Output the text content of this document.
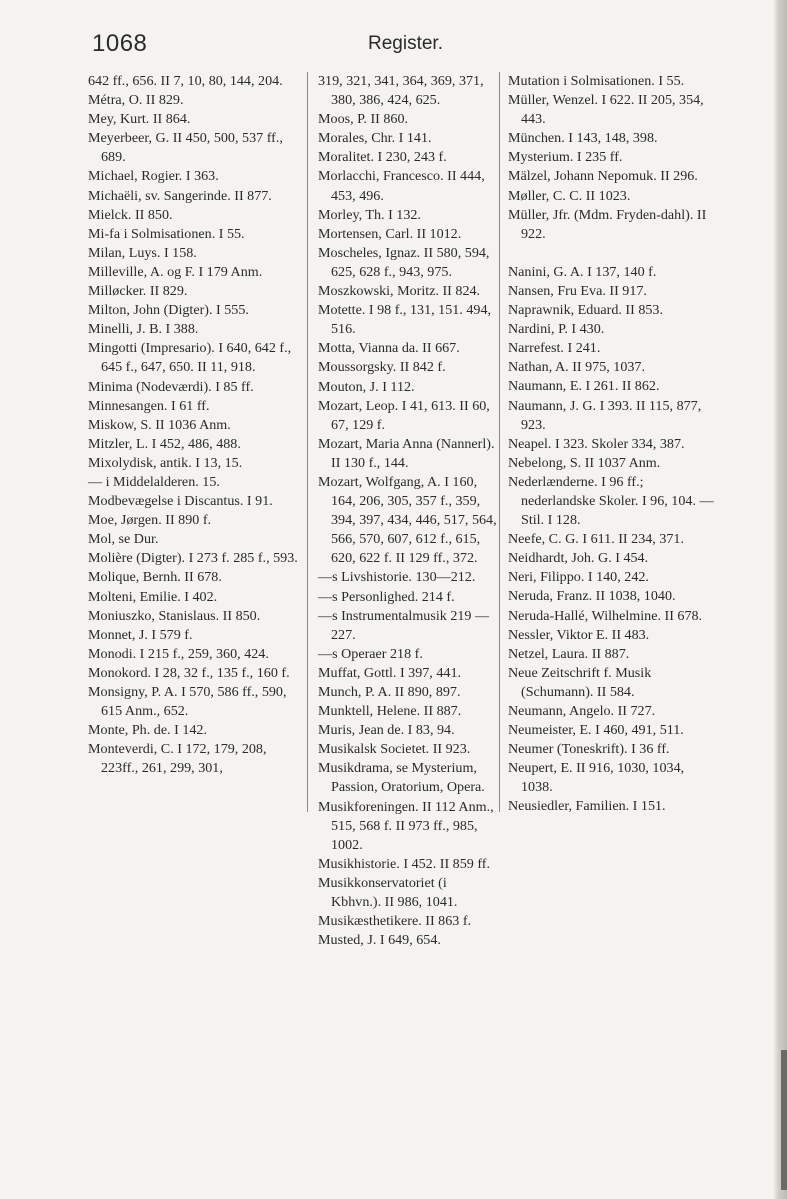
1068	Register.

642 ff., 656. II 7, 10, 80, 144, 204.

Métra, O. II 829.

Mey, Kurt. II 864.

Meyerbeer, G. II 450, 500, 537 ff., 689.

Michael, Rogier. I 363.

Michaëli, sv. Sangerinde. II 877.

Mielck. II 850.

Mi-fa i Solmisationen. I 55.

Milan, Luys. I 158.

Milleville, A. og F. I 179 Anm.

Milløcker. II 829.

Milton, John (Digter). I 555.

Minelli, J. B. I 388.

Mingotti (Impresario). I 640, 642 f., 645 f., 647, 650. II 11, 918.

Minima (Nodeværdi). I 85 ff.

Minnesangen. I 61 ff.

Miskow, S. II 1036 Anm.

Mitzler, L. I 452, 486, 488.

Mixolydisk, antik. I 13, 15.

— i Middelalderen. 15.

Modbevægelse i Discantus. I 91.

Moe, Jørgen. II 890 f.

Mol, se Dur.

Molière (Digter). I 273 f. 285 f., 593.

Molique, Bernh. II 678.

Molteni, Emilie. I 402.

Moniuszko, Stanislaus. II 850.

Monnet, J. I 579 f.

Monodi. I 215 f., 259, 360, 424.

Monokord. I 28, 32 f., 135 f., 160 f.

Monsigny, P. A. I 570, 586 ff., 590, 615 Anm., 652.

Monte, Ph. de. I 142.

Monteverdi, C. I 172, 179, 208, 223ff., 261, 299, 301,

319, 321, 341, 364, 369, 371, 380, 386, 424, 625.

Moos, P. II 860.

Morales, Chr. I 141.

Moralitet. I 230, 243 f.

Morlacchi, Francesco. II 444, 453, 496.

Morley, Th. I 132.

Mortensen, Carl. II 1012.

Moscheles, Ignaz. II 580, 594, 625, 628 f., 943, 975.

Moszkowski, Moritz. II 824.

Motette. I 98 f., 131, 151. 494, 516.

Motta, Vianna da. II 667.

Moussorgsky. II 842 f.

Mouton, J. I 112.

Mozart, Leop. I 41, 613. II 60, 67, 129 f.

Mozart, Maria Anna (Nannerl). II 130 f., 144.

Mozart, Wolfgang, A. I 160, 164, 206, 305, 357 f., 359, 394, 397, 434, 446, 517, 564, 566, 570, 607, 612 f., 615, 620, 622 f. II 129 ff., 372.

—s Livshistorie. 130—212.

—s Personlighed. 214 f.

—s Instrumentalmusik 219 —227.

—s Operaer 218 f.

Muffat, Gottl. I 397, 441.

Munch, P. A. II 890, 897.

Munktell, Helene. II 887.

Muris, Jean de. I 83, 94.

Musikalsk Societet. II 923.

Musikdrama, se Mysterium, Passion, Oratorium, Opera.

Musikforeningen. II 112 Anm., 515, 568 f. II 973 ff., 985, 1002.

Musikhistorie. I 452. II 859 ff.

Musikkonservatoriet (i Kbhvn.). II 986, 1041.

Musikæsthetikere. II 863 f.

Musted, J. I 649, 654.

Mutation i Solmisationen. I 55.

Müller, Wenzel. I 622. II 205, 354, 443.

München. I 143, 148, 398.

Mysterium. I 235 ff.

Mälzel, Johann Nepomuk. II 296.

Møller, C. C. II 1023.

Müller, Jfr. (Mdm. Fryden-dahl). II 922.

Nanini, G. A. I 137, 140 f.

Nansen, Fru Eva. II 917.

Naprawnik, Eduard. II 853.

Nardini, P. I 430.

Narrefest. I 241.

Nathan, A. II 975, 1037.

Naumann, E. I 261. II 862.

Naumann, J. G. I 393. II 115, 877, 923.

Neapel. I 323. Skoler 334, 387.

Nebelong, S. II 1037 Anm.

Nederlænderne. I 96 ff.; nederlandske Skoler. I 96, 104. — Stil. I 128.

Neefe, C. G. I 611. II 234, 371.

Neidhardt, Joh. G. I 454.

Neri, Filippo. I 140, 242.

Neruda, Franz. II 1038, 1040.

Neruda-Hallé, Wilhelmine. II 678.

Nessler, Viktor E. II 483.

Netzel, Laura. II 887.

Neue Zeitschrift f. Musik (Schumann). II 584.

Neumann, Angelo. II 727.

Neumeister, E. I 460, 491, 511.

Neumer (Toneskrift). I 36 ff.

Neupert, E. II 916, 1030, 1034, 1038.

Neusiedler, Familien. I 151.
